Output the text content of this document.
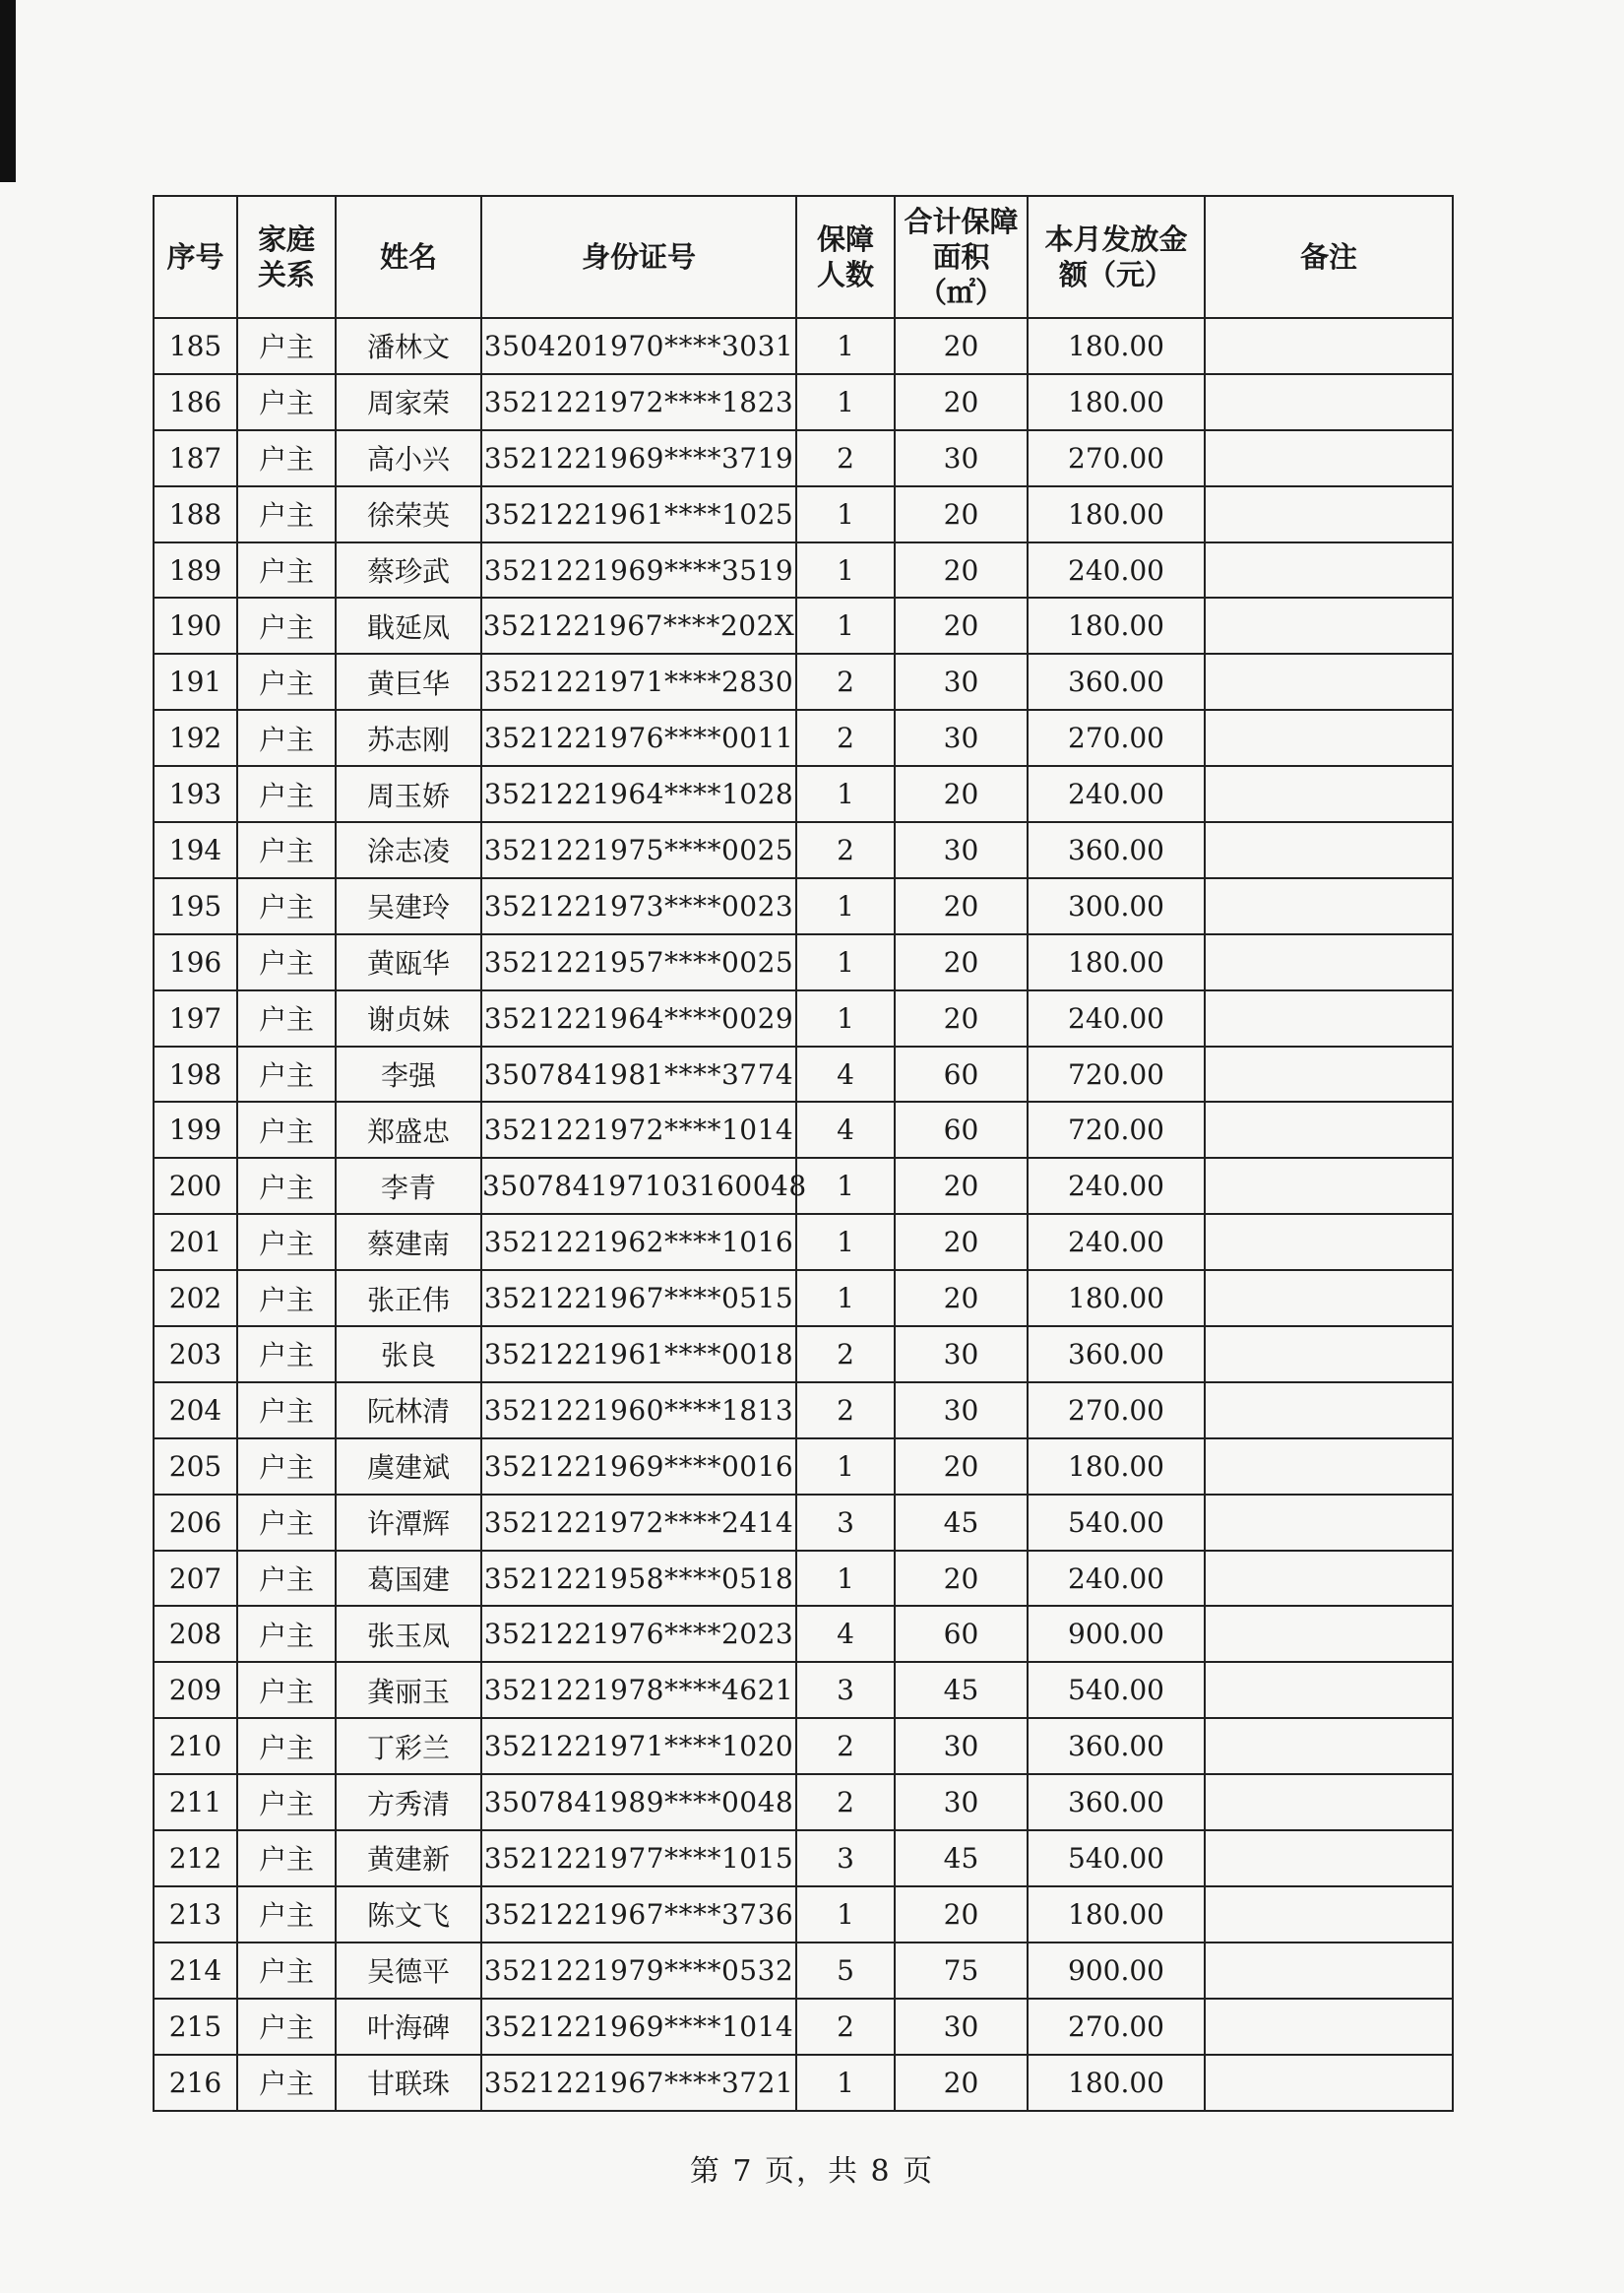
序号	家庭关系	姓名	身份证号	保障人数	合计保障面积（㎡）	本月发放金额（元）	备注
185	户主	潘林文	3504201970****3031	1	20	180.00	
186	户主	周家荣	3521221972****1823	1	20	180.00	
187	户主	高小兴	3521221969****3719	2	30	270.00	
188	户主	徐荣英	3521221961****1025	1	20	180.00	
189	户主	蔡珍武	3521221969****3519	1	20	240.00	
190	户主	戢延凤	3521221967****202X	1	20	180.00	
191	户主	黄巨华	3521221971****2830	2	30	360.00	
192	户主	苏志刚	3521221976****0011	2	30	270.00	
193	户主	周玉娇	3521221964****1028	1	20	240.00	
194	户主	涂志凌	3521221975****0025	2	30	360.00	
195	户主	吴建玲	3521221973****0023	1	20	300.00	
196	户主	黄瓯华	3521221957****0025	1	20	180.00	
197	户主	谢贞妹	3521221964****0029	1	20	240.00	
198	户主	李强	3507841981****3774	4	60	720.00	
199	户主	郑盛忠	3521221972****1014	4	60	720.00	
200	户主	李青	350784197103160048	1	20	240.00	
201	户主	蔡建南	3521221962****1016	1	20	240.00	
202	户主	张正伟	3521221967****0515	1	20	180.00	
203	户主	张良	3521221961****0018	2	30	360.00	
204	户主	阮林清	3521221960****1813	2	30	270.00	
205	户主	虞建斌	3521221969****0016	1	20	180.00	
206	户主	许潭辉	3521221972****2414	3	45	540.00	
207	户主	葛国建	3521221958****0518	1	20	240.00	
208	户主	张玉凤	3521221976****2023	4	60	900.00	
209	户主	龚丽玉	3521221978****4621	3	45	540.00	
210	户主	丁彩兰	3521221971****1020	2	30	360.00	
211	户主	方秀清	3507841989****0048	2	30	360.00	
212	户主	黄建新	3521221977****1015	3	45	540.00	
213	户主	陈文飞	3521221967****3736	1	20	180.00	
214	户主	吴德平	3521221979****0532	5	75	900.00	
215	户主	叶海碑	3521221969****1014	2	30	270.00	
216	户主	甘联珠	3521221967****3721	1	20	180.00	
第 7 页，共 8 页
